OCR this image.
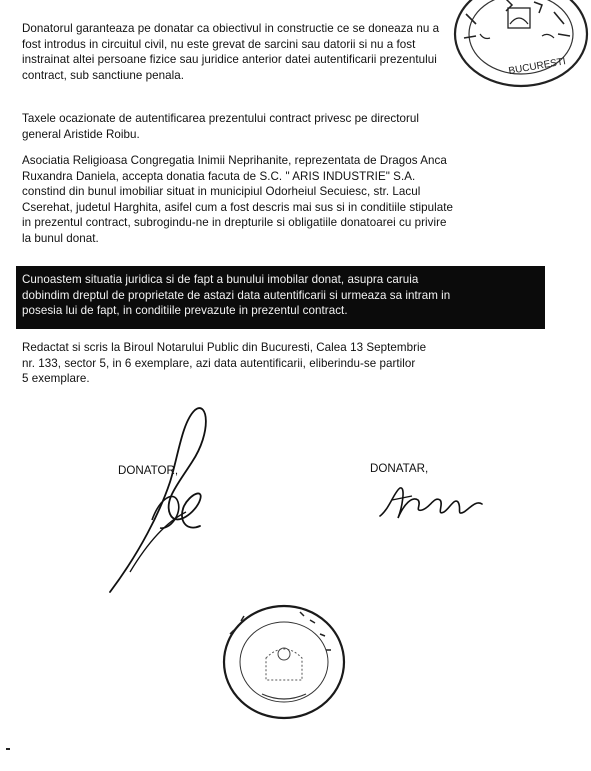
BUCURESTI

Donatorul garanteaza pe donatar ca obiectivul in constructie ce se doneaza nu a
fost introdus in circuitul civil, nu este grevat de sarcini sau datorii si nu a fost
instrainat altei persoane fizice sau juridice anterior datei autentificarii prezentului
contract, sub sanctiune penala.

Taxele ocazionate de autentificarea prezentului contract privesc pe directorul
general Aristide Roibu.

Asociatia Religioasa Congregatia Inimii Neprihanite, reprezentata de Dragos Anca
Ruxandra Daniela, accepta donatia facuta de S.C. " ARIS INDUSTRIE" S.A.
constind din bunul imobiliar situat in municipiul Odorheiul Secuiesc, str. Lacul
Cserehat, judetul Harghita, asifel cum a fost descris mai sus si in conditiile stipulate
in prezentul contract, subrogindu-ne in drepturile si obligatiile donatoarei cu privire
la bunul donat.

Cunoastem situatia juridica si de fapt a bunului imobilar donat, asupra caruia
dobindim dreptul de proprietate de astazi data autentificarii si urmeaza sa intram in
posesia lui de fapt, in conditiile prevazute in prezentul contract.

Redactat si scris la Biroul Notarului Public din Bucuresti, Calea 13 Septembrie
nr. 133, sector 5, in 6 exemplare, azi data autentificarii, eliberindu-se partilor
5 exemplare.

DONATOR,	DONATAR,
